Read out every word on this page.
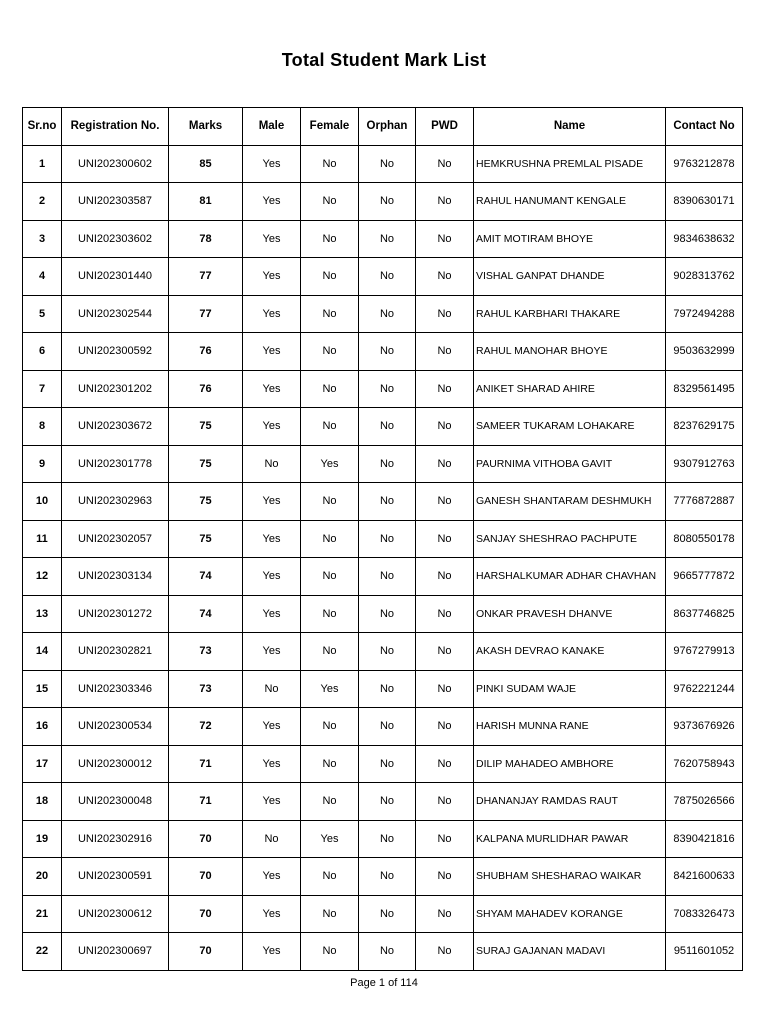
Total Student Mark List
Sr.no	Registration No.	Marks	Male	Female	Orphan	PWD	Name	Contact No
1	UNI202300602	85	Yes	No	No	No	HEMKRUSHNA PREMLAL PISADE	9763212878
2	UNI202303587	81	Yes	No	No	No	RAHUL HANUMANT KENGALE	8390630171
3	UNI202303602	78	Yes	No	No	No	AMIT MOTIRAM BHOYE	9834638632
4	UNI202301440	77	Yes	No	No	No	VISHAL GANPAT DHANDE	9028313762
5	UNI202302544	77	Yes	No	No	No	RAHUL KARBHARI THAKARE	7972494288
6	UNI202300592	76	Yes	No	No	No	RAHUL MANOHAR BHOYE	9503632999
7	UNI202301202	76	Yes	No	No	No	ANIKET SHARAD AHIRE	8329561495
8	UNI202303672	75	Yes	No	No	No	SAMEER TUKARAM LOHAKARE	8237629175
9	UNI202301778	75	No	Yes	No	No	PAURNIMA VITHOBA GAVIT	9307912763
10	UNI202302963	75	Yes	No	No	No	GANESH SHANTARAM DESHMUKH	7776872887
11	UNI202302057	75	Yes	No	No	No	SANJAY SHESHRAO PACHPUTE	8080550178
12	UNI202303134	74	Yes	No	No	No	HARSHALKUMAR ADHAR CHAVHAN	9665777872
13	UNI202301272	74	Yes	No	No	No	ONKAR PRAVESH DHANVE	8637746825
14	UNI202302821	73	Yes	No	No	No	AKASH DEVRAO KANAKE	9767279913
15	UNI202303346	73	No	Yes	No	No	PINKI SUDAM WAJE	9762221244
16	UNI202300534	72	Yes	No	No	No	HARISH MUNNA RANE	9373676926
17	UNI202300012	71	Yes	No	No	No	DILIP MAHADEO AMBHORE	7620758943
18	UNI202300048	71	Yes	No	No	No	DHANANJAY RAMDAS RAUT	7875026566
19	UNI202302916	70	No	Yes	No	No	KALPANA MURLIDHAR PAWAR	8390421816
20	UNI202300591	70	Yes	No	No	No	SHUBHAM SHESHARAO WAIKAR	8421600633
21	UNI202300612	70	Yes	No	No	No	SHYAM MAHADEV KORANGE	7083326473
22	UNI202300697	70	Yes	No	No	No	SURAJ GAJANAN MADAVI	9511601052
Page 1 of 114
